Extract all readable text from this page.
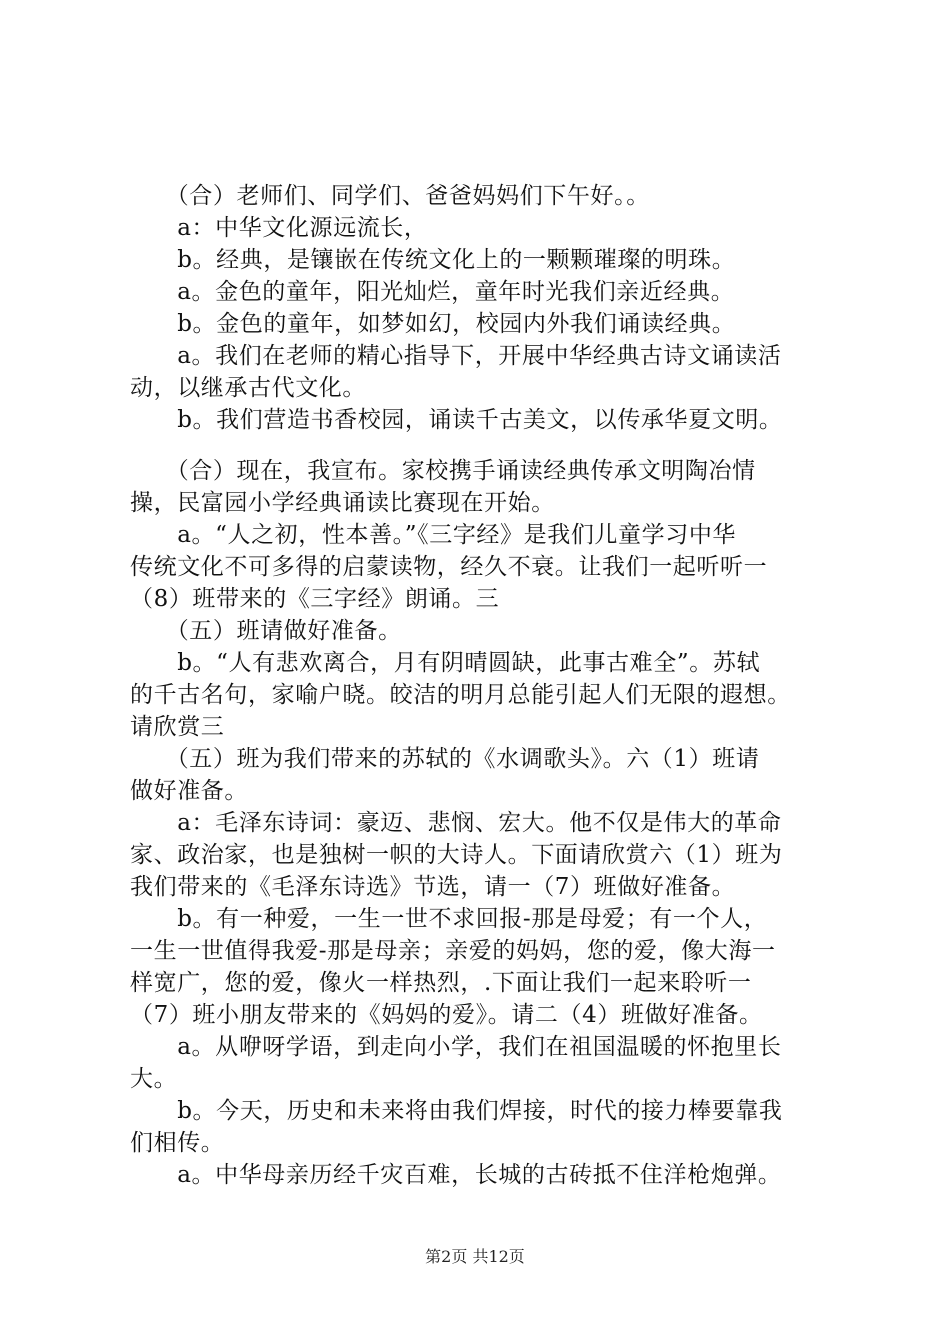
　　（合）老师们、同学们、爸爸妈妈们下午好。。

　　a：中华文化源远流长，

　　b。经典，是镶嵌在传统文化上的一颗颗璀璨的明珠。

　　a。金色的童年，阳光灿烂，童年时光我们亲近经典。

　　b。金色的童年，如梦如幻，校园内外我们诵读经典。

　　a。我们在老师的精心指导下，开展中华经典古诗文诵读活
动，以继承古代文化。

　　b。我们营造书香校园，诵读千古美文，以传承华夏文明。

　　（合）现在，我宣布。家校携手诵读经典传承文明陶冶情
操，民富园小学经典诵读比赛现在开始。

　　a。“人之初，性本善。”《三字经》是我们儿童学习中华
传统文化不可多得的启蒙读物，经久不衰。让我们一起听听一
（8）班带来的《三字经》朗诵。三

　　（五）班请做好准备。

　　b。“人有悲欢离合，月有阴晴圆缺，此事古难全”。苏轼
的千古名句，家喻户晓。皎洁的明月总能引起人们无限的遐想。
请欣赏三

　　（五）班为我们带来的苏轼的《水调歌头》。六（1）班请
做好准备。

　　a：毛泽东诗词：豪迈、悲悯、宏大。他不仅是伟大的革命
家、政治家，也是独树一帜的大诗人。下面请欣赏六（1）班为
我们带来的《毛泽东诗选》节选，请一（7）班做好准备。

　　b。有一种爱，一生一世不求回报-那是母爱；有一个人，
一生一世值得我爱-那是母亲；亲爱的妈妈，您的爱，像大海一
样宽广，您的爱，像火一样热烈，.下面让我们一起来聆听一
（7）班小朋友带来的《妈妈的爱》。请二（4）班做好准备。

　　a。从咿呀学语，到走向小学，我们在祖国温暖的怀抱里长
大。

　　b。今天，历史和未来将由我们焊接，时代的接力棒要靠我
们相传。

　　a。中华母亲历经千灾百难，长城的古砖抵不住洋枪炮弹。

第2页 共12页
